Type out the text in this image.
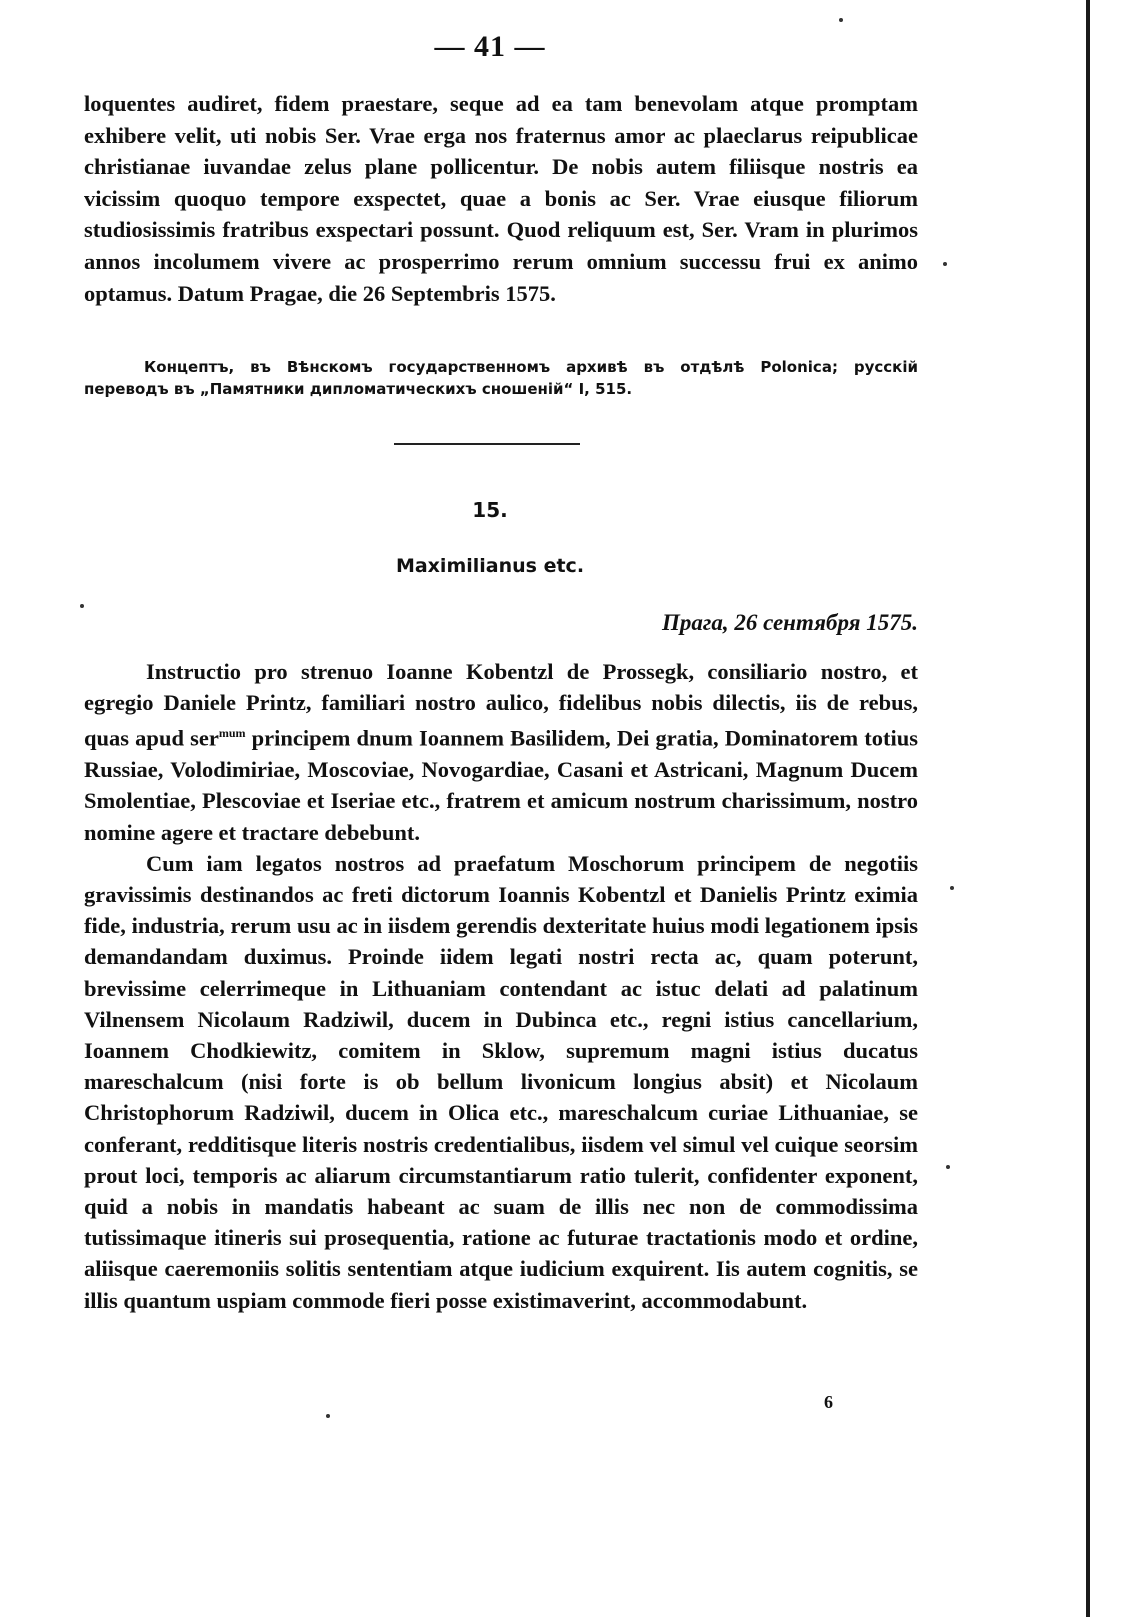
— 41 —
loquentes audiret, fidem praestare, seque ad ea tam benevolam atque promptam exhibere velit, uti nobis Ser. Vrae erga nos fraternus amor ac plaeclarus reipublicae christianae iuvandae zelus plane pollicentur. De nobis autem filiisque nostris ea vicissim quoquo tempore exspectet, quae a bonis ac Ser. Vrae eiusque filiorum studiosissimis fratribus exspectari possunt. Quod reliquum est, Ser. Vram in plurimos annos incolumem vivere ac prosperrimo rerum omnium successu frui ex animo optamus. Datum Pragae, die 26 Septembris 1575.
Концептъ, въ Вѣнскомъ государственномъ архивѣ въ отдѣлѣ Polonica; русскій переводъ въ „Памятники дипломатическихъ сношеній“ I, 515.
15.
Maximilianus etc.
Прага, 26 сентября 1575.

Instructio pro strenuo Ioanne Kobentzl de Prossegk, consiliario nostro, et egregio Daniele Printz, familiari nostro aulico, fidelibus nobis dilectis, iis de rebus, quas apud ser$^{mum}$ principem dnum Ioannem Basilidem, Dei gratia, Dominatorem totius Russiae, Volodimiriae, Moscoviae, Novogardiae, Casani et Astricani, Magnum Ducem Smolentiae, Plescoviae et Iseriae etc., fratrem et amicum nostrum charissimum, nostro nomine agere et tractare debebunt.

Cum iam legatos nostros ad praefatum Moschorum principem de negotiis gravissimis destinandos ac freti dictorum Ioannis Kobentzl et Danielis Printz eximia fide, industria, rerum usu ac in iisdem gerendis dexteritate huius modi legationem ipsis demandandam duximus. Proinde iidem legati nostri recta ac, quam poterunt, brevissime celerrimeque in Lithuaniam contendant ac istuc delati ad palatinum Vilnensem Nicolaum Radziwil, ducem in Dubinca etc., regni istius cancellarium, Ioannem Chodkiewitz, comitem in Sklow, supremum magni istius ducatus mareschalcum (nisi forte is ob bellum livonicum longius absit) et Nicolaum Christophorum Radziwil, ducem in Olica etc., mareschalcum curiae Lithuaniae, se conferant, redditisque literis nostris credentialibus, iisdem vel simul vel cuique seorsim prout loci, temporis ac aliarum circumstantiarum ratio tulerit, confidenter exponent, quid a nobis in mandatis habeant ac suam de illis nec non de commodissima tutissimaque itineris sui prosequentia, ratione ac futurae tractationis modo et ordine, aliisque caeremoniis solitis sententiam atque iudicium exquirent. Iis autem cognitis, se illis quantum uspiam commode fieri posse existimaverint, accommodabunt.

6
